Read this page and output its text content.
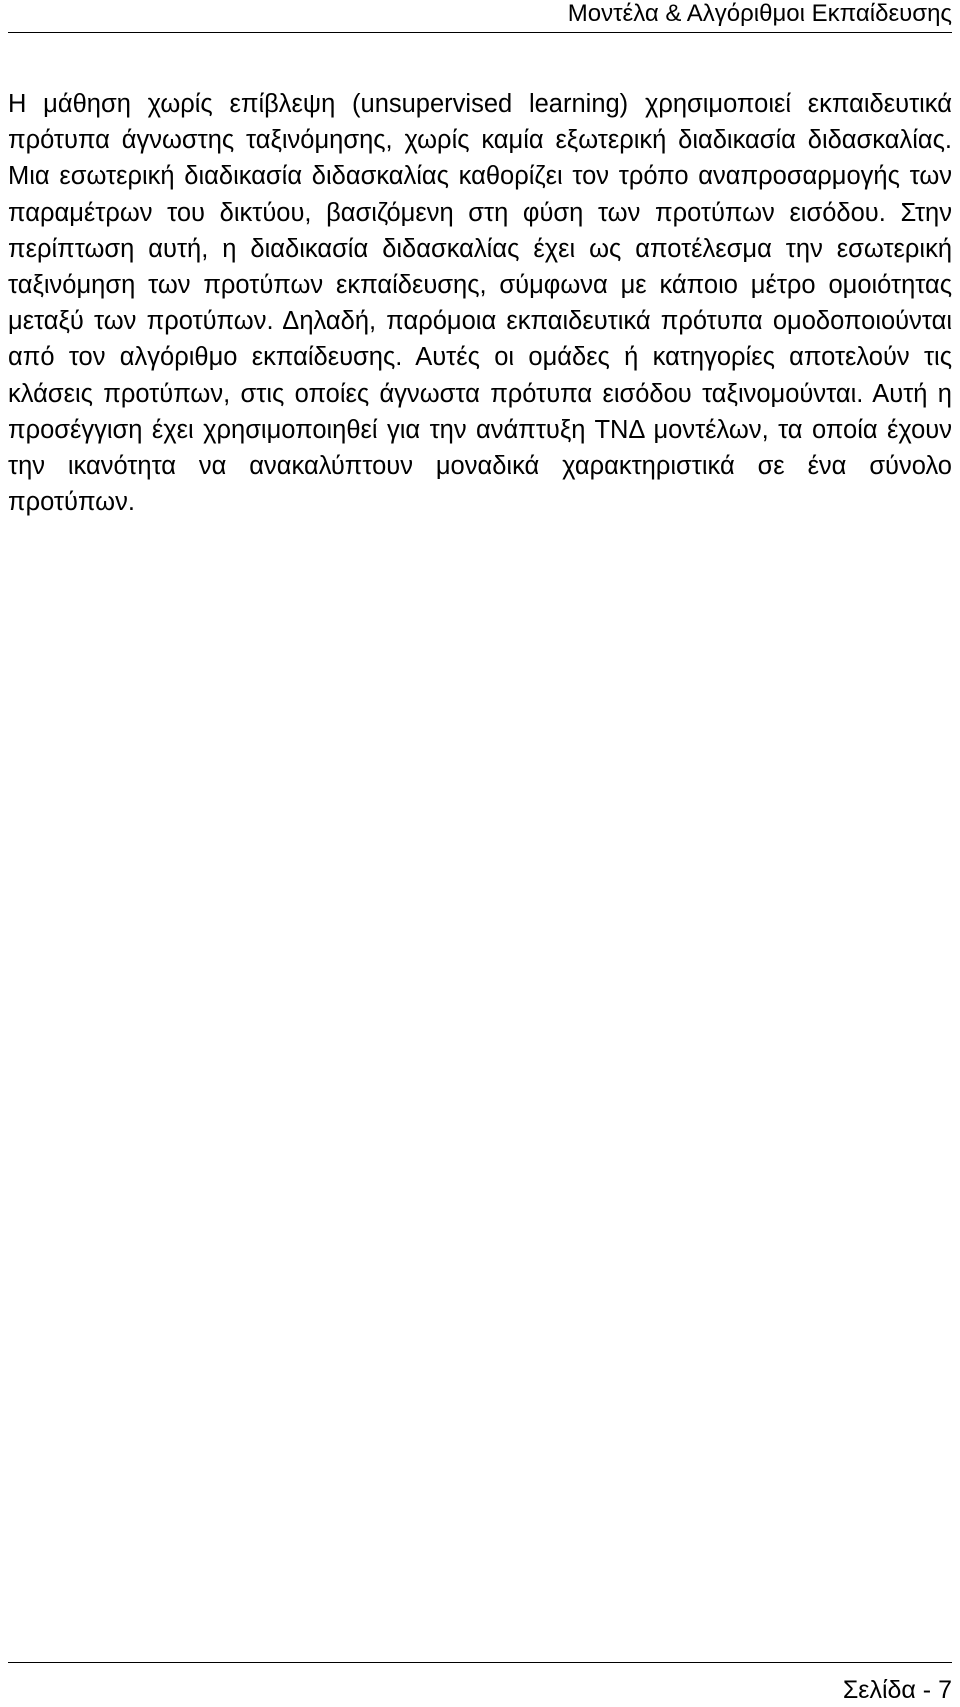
Μοντέλα & Αλγόριθμοι Εκπαίδευσης

Η μάθηση χωρίς επίβλεψη (unsupervised learning) χρησιμοποιεί εκπαιδευτικά πρότυπα άγνωστης ταξινόμησης, χωρίς καμία εξωτερική διαδικασία διδασκαλίας. Μια εσωτερική διαδικασία διδασκαλίας καθορίζει τον τρόπο αναπροσαρμογής των παραμέτρων του δικτύου, βασιζόμενη στη φύση των προτύπων εισόδου. Στην περίπτωση αυτή, η διαδικασία διδασκαλίας έχει ως αποτέλεσμα την εσωτερική ταξινόμηση των προτύπων εκπαίδευσης, σύμφωνα με κάποιο μέτρο ομοιότητας μεταξύ των προτύπων. Δηλαδή, παρόμοια εκπαιδευτικά πρότυπα ομοδοποιούνται από τον αλγόριθμο εκπαίδευσης. Αυτές οι ομάδες ή κατηγορίες αποτελούν τις κλάσεις προτύπων, στις οποίες άγνωστα πρότυπα εισόδου ταξινομούνται. Αυτή η προσέγγιση έχει χρησιμοποιηθεί για την ανάπτυξη ΤΝΔ μοντέλων, τα οποία έχουν την ικανότητα να ανακαλύπτουν μοναδικά χαρακτηριστικά σε ένα σύνολο προτύπων.

Σελίδα - 7
